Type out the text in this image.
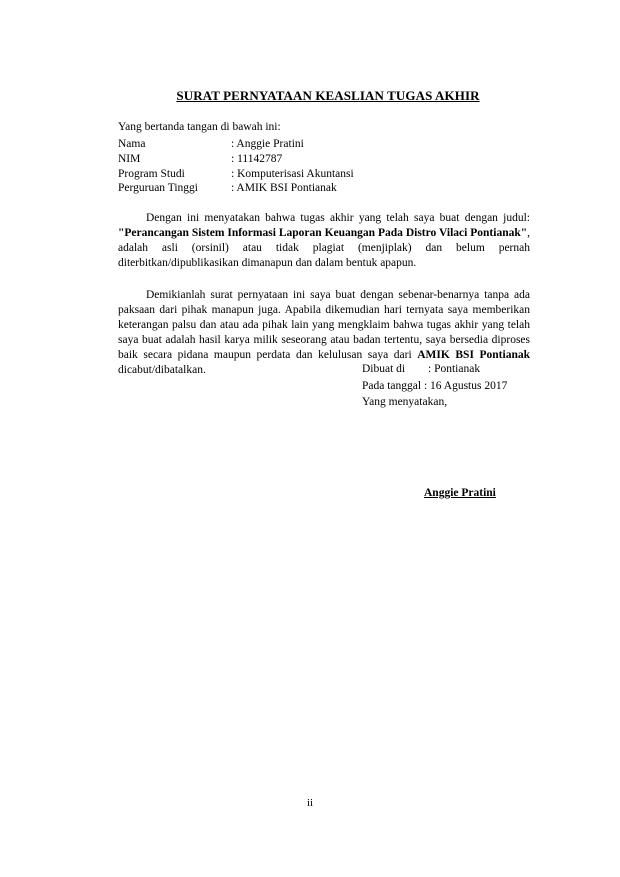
SURAT PERNYATAAN KEASLIAN TUGAS AKHIR
Yang bertanda tangan di bawah ini:
Nama	: Anggie Pratini
NIM	: 11142787
Program Studi	: Komputerisasi Akuntansi
Perguruan Tinggi	: AMIK BSI Pontianak

Dengan ini menyatakan bahwa tugas akhir yang telah saya buat dengan judul: "Perancangan Sistem Informasi Laporan Keuangan Pada Distro Vilaci Pontianak", adalah asli (orsinil) atau tidak plagiat (menjiplak) dan belum pernah diterbitkan/dipublikasikan dimanapun dan dalam bentuk apapun.

Demikianlah surat pernyataan ini saya buat dengan sebenar-benarnya tanpa ada paksaan dari pihak manapun juga. Apabila dikemudian hari ternyata saya memberikan keterangan palsu dan atau ada pihak lain yang mengklaim bahwa tugas akhir yang telah saya buat adalah hasil karya milik seseorang atau badan tertentu, saya bersedia diproses baik secara pidana maupun perdata dan kelulusan saya dari AMIK BSI Pontianak dicabut/dibatalkan.	Dibuat di : Pontianak
Pada tanggal : 16 Agustus 2017
Yang menyatakan,
Anggie Pratini
ii
